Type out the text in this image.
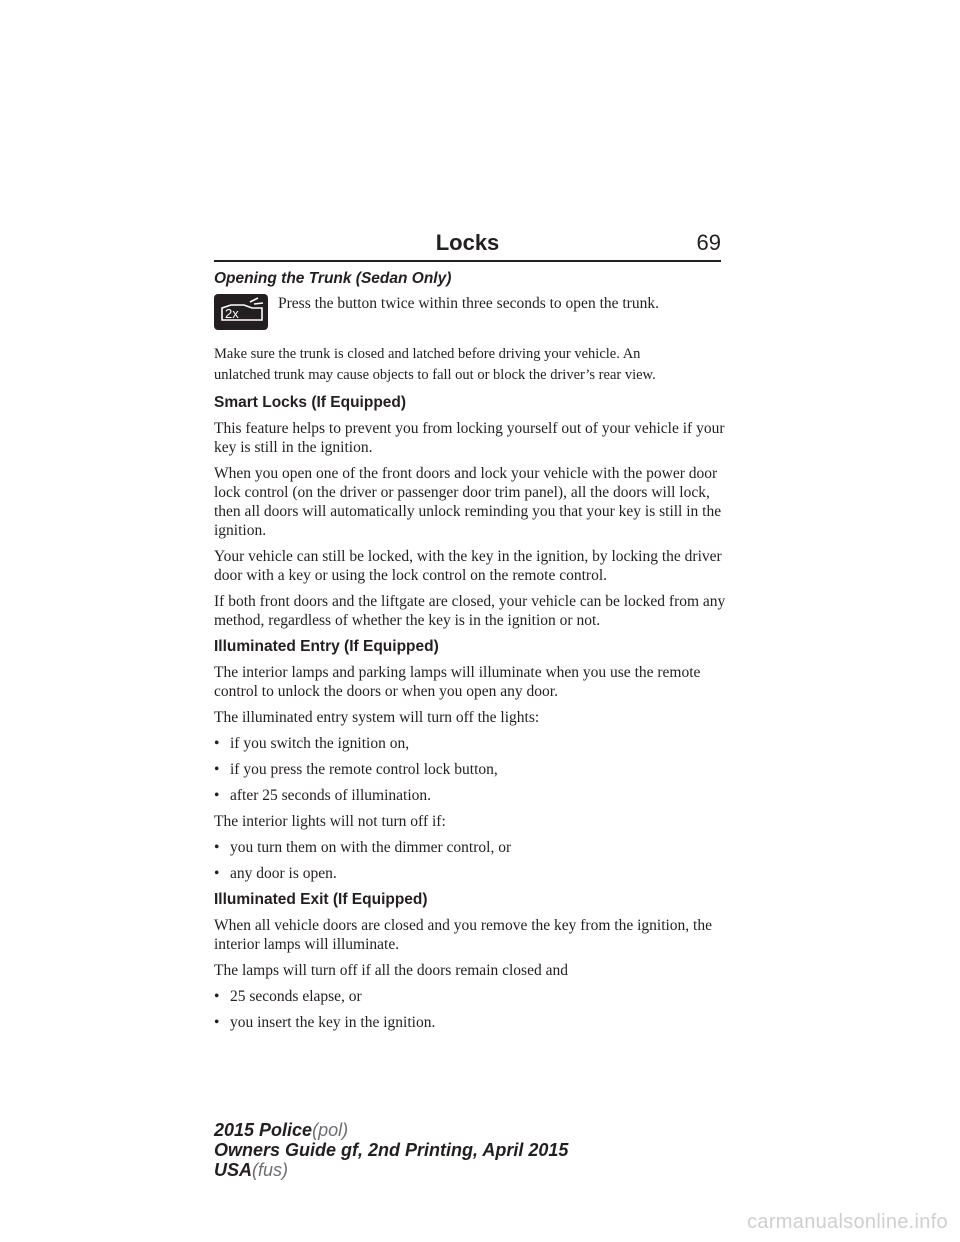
Locks	69

Opening the Trunk (Sedan Only)

2x

Press the button twice within three seconds to open the trunk.

Make sure the trunk is closed and latched before driving your vehicle. An
unlatched trunk may cause objects to fall out or block the driver’s rear view.

Smart Locks (If Equipped)

This feature helps to prevent you from locking yourself out of your vehicle if your key is still in the ignition.

When you open one of the front doors and lock your vehicle with the power door lock control (on the driver or passenger door trim panel), all the doors will lock, then all doors will automatically unlock reminding you that your key is still in the ignition.

Your vehicle can still be locked, with the key in the ignition, by locking the driver door with a key or using the lock control on the remote control.

If both front doors and the liftgate are closed, your vehicle can be locked from any method, regardless of whether the key is in the ignition or not.

Illuminated Entry (If Equipped)

The interior lamps and parking lamps will illuminate when you use the remote control to unlock the doors or when you open any door.

The illuminated entry system will turn off the lights:

• if you switch the ignition on,
• if you press the remote control lock button,
• after 25 seconds of illumination.

The interior lights will not turn off if:

• you turn them on with the dimmer control, or
• any door is open.
Illuminated Exit (If Equipped)

When all vehicle doors are closed and you remove the key from the ignition, the interior lamps will illuminate.

The lamps will turn off if all the doors remain closed and

• 25 seconds elapse, or
• you insert the key in the ignition.
2015 Police(pol)
Owners Guide gf, 2nd Printing, April 2015
USA(fus)
carmanualsonline.info
